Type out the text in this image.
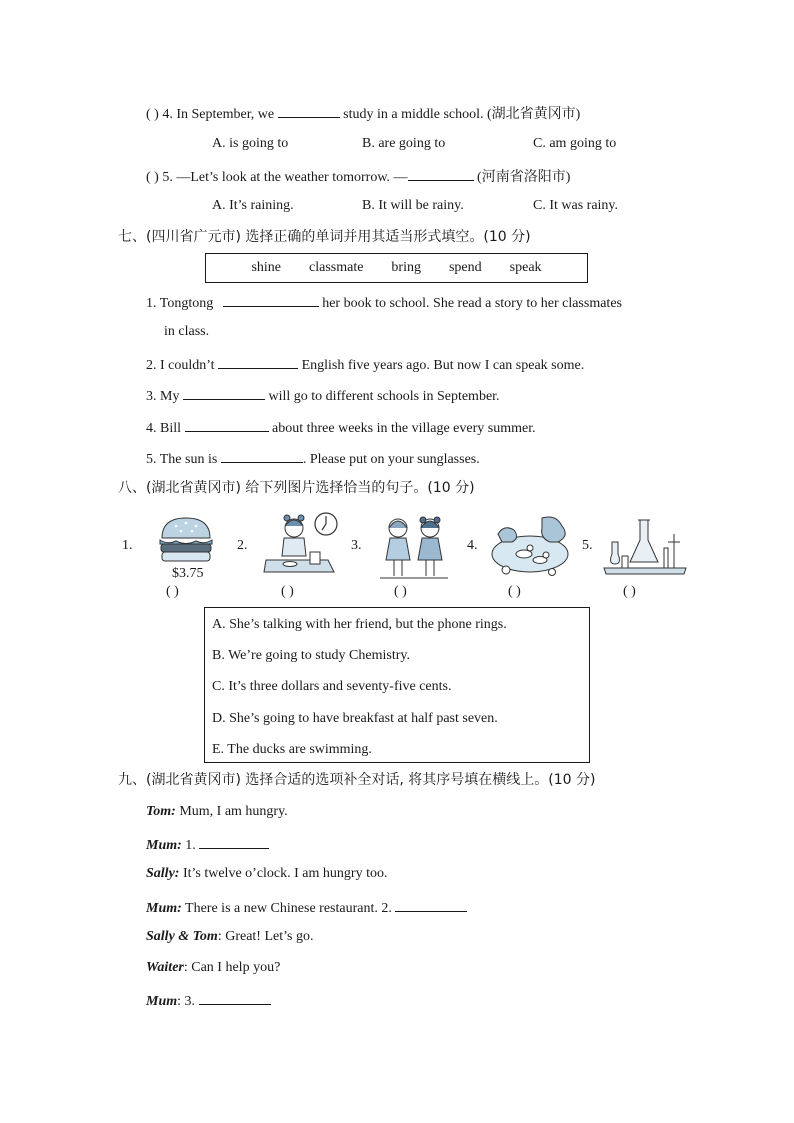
( ) 4. In September, we	study in a middle school. (湖北省黄冈市)
A. is going to	B. are going to	C. am going to
( ) 5. —Let’s look at the weather tomorrow. —	(河南省洛阳市)
A. It’s raining.	B. It will be rainy.	C. It was rainy.
七、(四川省广元市) 选择正确的单词并用其适当形式填空。(10 分)
shine classmate bring spend speak
1. Tongtong	her book to school. She read a story to her classmates
in class.
2. I couldn’t	English five years ago. But now I can speak some.
3. My	will go to different schools in September.
4. Bill	about three weeks in the village every summer.
5. The sun is	. Please put on your sunglasses.
八、(湖北省黄冈市) 给下列图片选择恰当的句子。(10 分)
1.
$3.75
( )
2.
( )
3.
( )
4.
( )
5.
( )
A. She’s talking with her friend, but the phone rings.
B. We’re going to study Chemistry.
C. It’s three dollars and seventy-five cents.
D. She’s going to have breakfast at half past seven.
E. The ducks are swimming.
九、(湖北省黄冈市) 选择合适的选项补全对话, 将其序号填在横线上。(10 分)
Tom: Mum, I am hungry.
Mum: 1.
Sally: It’s twelve o’clock. I am hungry too.
Mum: There is a new Chinese restaurant. 2.
Sally & Tom: Great! Let’s go.
Waiter: Can I help you?
Mum: 3.
